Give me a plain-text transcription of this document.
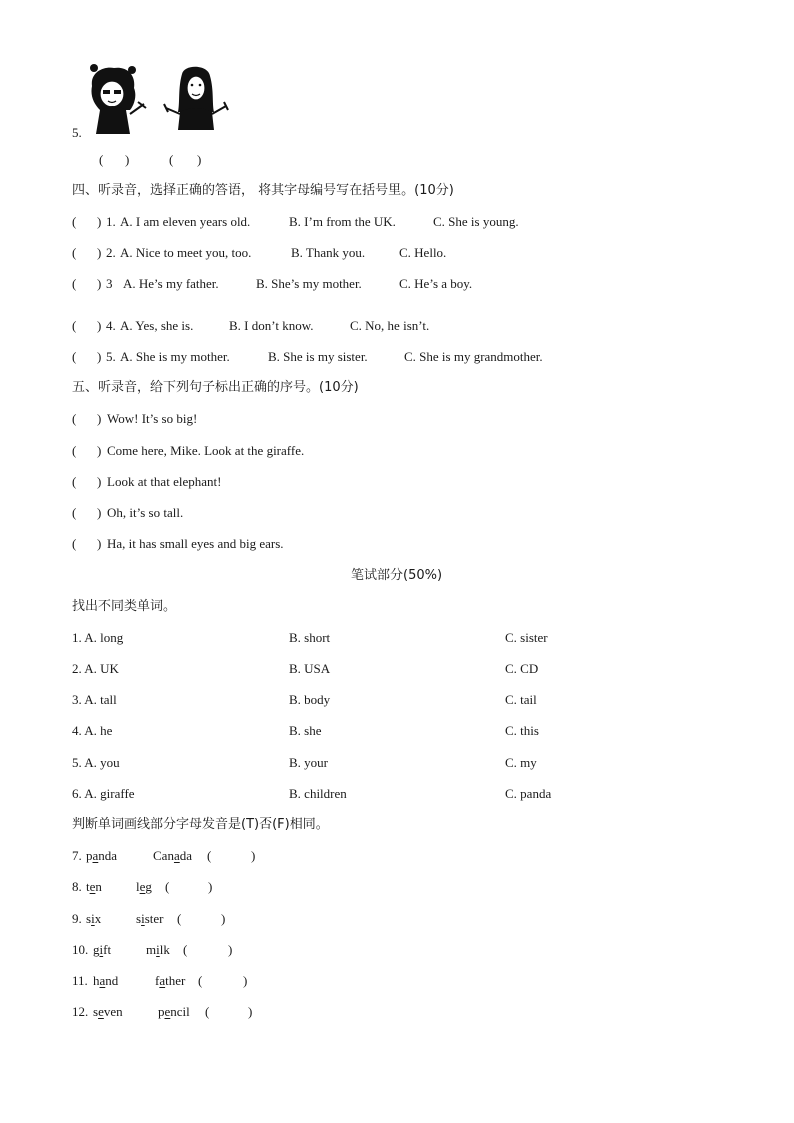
5.
( )	( )
四、听录音，选择正确的答语， 将其字母编号写在括号里。(10分)
( ) 1. A. I am eleven years old.	B. I’m from the UK.	C. She is young.
( ) 2. A. Nice to meet you, too.	B. Thank you.	C. Hello.
( ) 3 A. He’s my father.	B. She’s my mother.	C. He’s a boy.
( ) 4. A. Yes, she is.	B. I don’t know.	C. No, he isn’t.
( ) 5. A. She is my mother.	B. She is my sister.	C. She is my grandmother.
五、听录音，给下列句子标出正确的序号。(10分)
( ) Wow! It’s so big!
( ) Come here, Mike. Look at the giraffe.
( ) Look at that elephant!
( ) Oh, it’s so tall.
( ) Ha, it has small eyes and big ears.
笔试部分(50%)
找出不同类单词。
1. A. long	B. short	C. sister
2. A. UK	B. USA	C. CD
3. A. tall	B. body	C. tail
4. A. he	B. she	C. this
5. A. you	B. your	C. my
6. A. giraffe	B. children	C. panda
判断单词画线部分字母发音是(T)否(F)相同。
7. panda	Canada (	)
8. ten	leg (	)
9. six	sister (	)
10. gift	milk (	)
11. hand	father (	)
12. seven	pencil (	)
